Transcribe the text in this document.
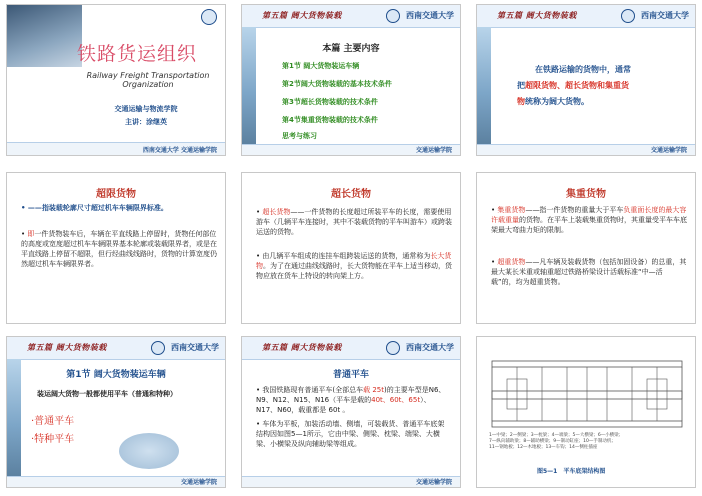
铁路货运组织
Railway Freight Transportation
Organization
交通运输与物流学院
主讲：涂继英
西南交通大学 交通运输学院
第五篇 阔大货物装载	西南交通大学
本篇 主要内容
第1节 阔大货物装运车辆
第2节阔大货物装载的基本技术条件
第3节超长货物装载的技术条件
第4节集重货物装载的技术条件
思考与练习
交通运输学院
第五篇 阔大货物装载	西南交通大学
在铁路运输的货物中，通常
把超限货物、超长货物和集重货
物统称为阔大货物。
交通运输学院
超限货物
• ——指装载轮廓尺寸超过机车车辆限界标准。
• 即一件货物装车后，车辆在平直线路上停留时，货物任何部位的高度或宽度超过机车车辆限界基本轮廓或装载限界者，或是在平直线路上停留不超限，但行经曲线线路时，货物的计算宽度仍然超过机车车辆限界者。
超长货物
• 超长货物——一件货物的长度超过所装平车的长度，需要使用游车（几辆平车连接时，其中不装载货物的平车叫游车）或跨装运送的货物。
• 由几辆平车组成的连挂车组跨装运送的货物，通常称为长大货物。为了在通过曲线线路时，长大货物能在平车上适当移动，货物应放在货车上特设的转向架上方。
集重货物
• 集重货物——指一件货物的重量大于平车负重面长度的最大容许载重量的货物。在平车上装载集重货物时，其重量受平车车底架最大弯曲力矩的限制。
• 超重货物——凡车辆及装载货物（包括加固设备）的总重，其最大某长米重或轴重超过铁路桥梁设计活载标准“中—活载”的，均为超重货物。
第五篇 阔大货物装载	西南交通大学
第1节 阔大货物装运车辆
装运阔大货物一般都使用平车（普通和特种）
·普通平车
·特种平车
交通运输学院
第五篇 阔大货物装载	西南交通大学
普通平车
• 我国铁路现有普通平车(全部总车载 25t)的主要车型是N6、N9、N12、N15、N16（平车是载的40t、60t、65t）、N17、N60，载重都是 60t 。
• 车体为平板，加装活动墙、侧墙，可装载货、普通平车底架结构因如图5—1所示，它由中梁、侧梁、枕梁、端梁、大横梁、小横梁及纵向辅助梁等组成。
交通运输学院
1—中梁；2—侧梁；3—枕梁；4—端梁；5—大横梁；6—小横梁；
7—纵向辅助梁；8—辅助横梁；9—制动缸座；10—手制动机；
11—钢地板；12—木地板；13—车钩；14—侧柱插座
图5—1　平车底架结构图
